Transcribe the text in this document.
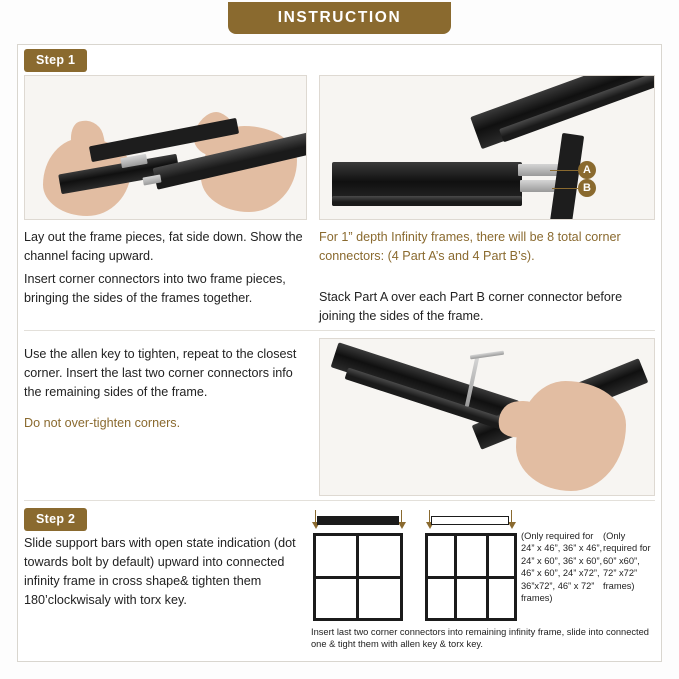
INSTRUCTION
Step 1
A
B
Lay out the frame pieces, fat side down. Show the channel facing upward.
Insert corner connectors into two frame pieces, bringing the sides of the frames together.
For 1” depth Infinity frames, there will be 8 total corner connectors: (4 Part A’s and 4 Part B’s).
Stack Part A over each Part B corner connector before joining the sides of the frame.
Use the allen key to tighten, repeat to the closest corner. Insert the last two corner connectors info the remaining sides of the frame.
Do not over-tighten corners.
Step 2
Slide support bars with open state indication (dot towards bolt by default) upward into connected infinity frame in cross shape& tighten them 180’clockwisaly with torx key.
(Only required for 24” x 46”, 36” x 46”, 24” x 60”, 36” x 60”, 46” x 60”, 24” x72”, 36”x72”, 46” x 72” frames)
(Only required for 60” x60”, 72” x72” frames)
Insert last two corner connectors into remaining infinity frame, slide into connected one & tight them with allen key & torx key.
